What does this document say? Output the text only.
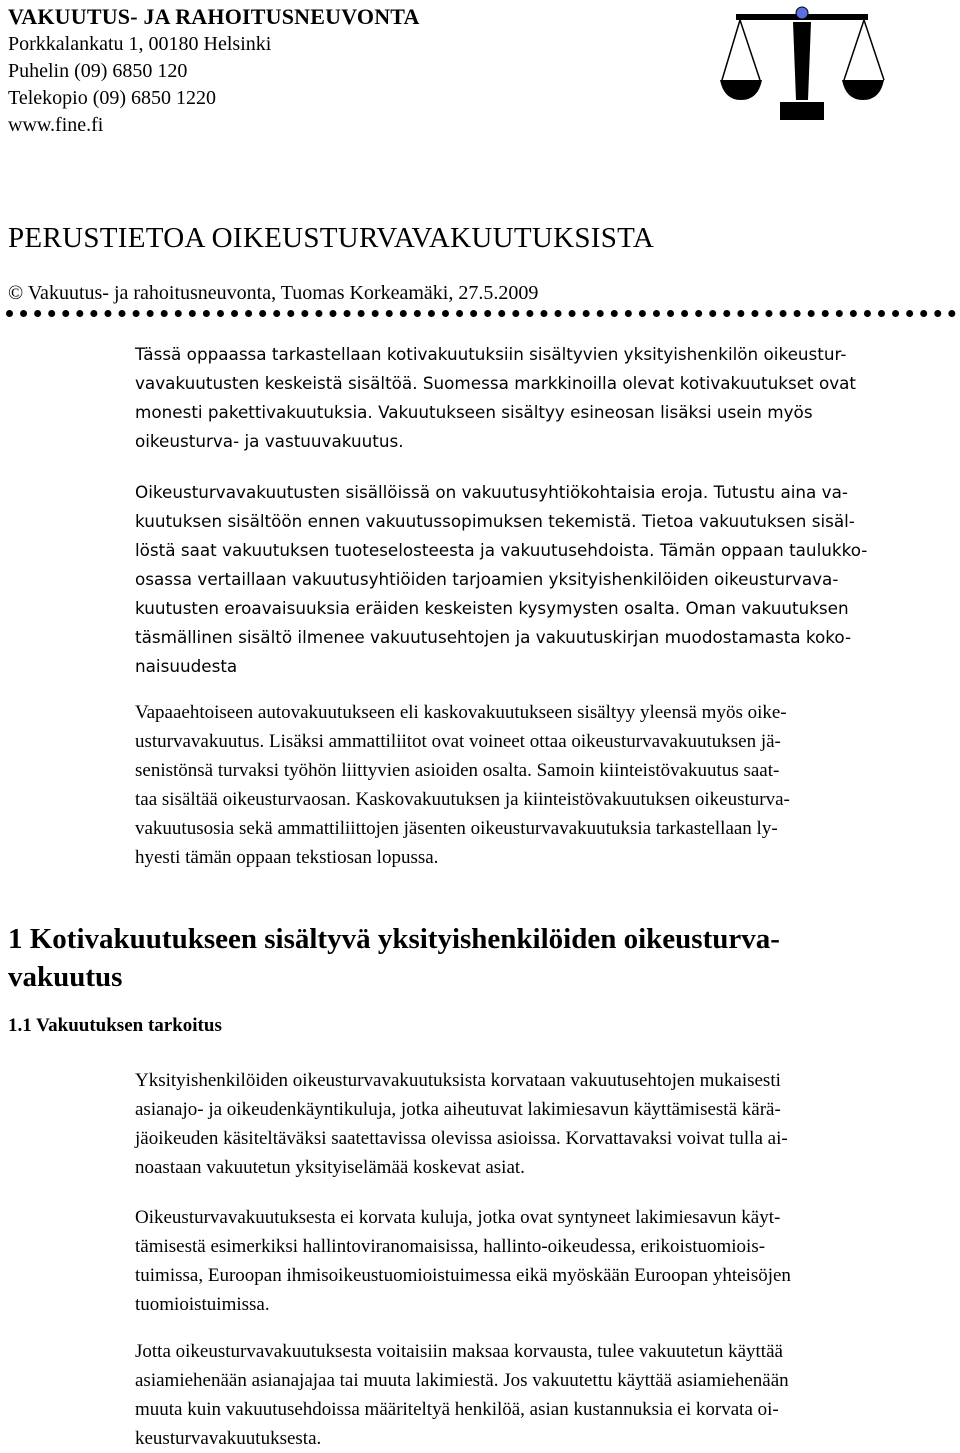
VAKUUTUS- JA RAHOITUSNEUVONTA
Porkkalankatu 1, 00180 Helsinki
Puhelin (09) 6850 120
Telekopio (09) 6850 1220
www.fine.fi
PERUSTIETOA OIKEUSTURVAVAKUUTUKSISTA
© Vakuutus- ja rahoitusneuvonta, Tuomas Korkeamäki, 27.5.2009
Tässä oppaassa tarkastellaan kotivakuutuksiin sisältyvien yksityishenkilön oikeustur-
vavakuutusten keskeistä sisältöä. Suomessa markkinoilla olevat kotivakuutukset ovat
monesti pakettivakuutuksia. Vakuutukseen sisältyy esineosan lisäksi usein myös
oikeusturva- ja vastuuvakuutus.
Oikeusturvavakuutusten sisällöissä on vakuutusyhtiökohtaisia eroja. Tutustu aina va-
kuutuksen sisältöön ennen vakuutussopimuksen tekemistä. Tietoa vakuutuksen sisäl-
löstä saat vakuutuksen tuoteselosteesta ja vakuutusehdoista. Tämän oppaan taulukko-
osassa vertaillaan vakuutusyhtiöiden tarjoamien yksityishenkilöiden oikeusturvava-
kuutusten eroavaisuuksia eräiden keskeisten kysymysten osalta. Oman vakuutuksen
täsmällinen sisältö ilmenee vakuutusehtojen ja vakuutuskirjan muodostamasta koko-
naisuudesta
Vapaaehtoiseen autovakuutukseen eli kaskovakuutukseen sisältyy yleensä myös oike-
usturvavakuutus. Lisäksi ammattiliitot ovat voineet ottaa oikeusturvavakuutuksen jä-
senistönsä turvaksi työhön liittyvien asioiden osalta. Samoin kiinteistövakuutus saat-
taa sisältää oikeusturvaosan. Kaskovakuutuksen ja kiinteistövakuutuksen oikeusturva-
vakuutusosia sekä ammattiliittojen jäsenten oikeusturvavakuutuksia tarkastellaan ly-
hyesti tämän oppaan tekstiosan lopussa.
1 Kotivakuutukseen sisältyvä yksityishenkilöiden oikeusturva-
vakuutus
1.1 Vakuutuksen tarkoitus
Yksityishenkilöiden oikeusturvavakuutuksista korvataan vakuutusehtojen mukaisesti
asianajo- ja oikeudenkäyntikuluja, jotka aiheutuvat lakimiesavun käyttämisestä kärä-
jäoikeuden käsiteltäväksi saatettavissa olevissa asioissa. Korvattavaksi voivat tulla ai-
noastaan vakuutetun yksityiselämää koskevat asiat.
Oikeusturvavakuutuksesta ei korvata kuluja, jotka ovat syntyneet lakimiesavun käyt-
tämisestä esimerkiksi hallintoviranomaisissa, hallinto-oikeudessa, erikoistuomiois-
tuimissa, Euroopan ihmisoikeustuomioistuimessa eikä myöskään Euroopan yhteisöjen
tuomioistuimissa.
Jotta oikeusturvavakuutuksesta voitaisiin maksaa korvausta, tulee vakuutetun käyttää
asiamiehenään asianajajaa tai muuta lakimiestä. Jos vakuutettu käyttää asiamiehenään
muuta kuin vakuutusehdoissa määriteltyä henkilöä, asian kustannuksia ei korvata oi-
keusturvavakuutuksesta.
